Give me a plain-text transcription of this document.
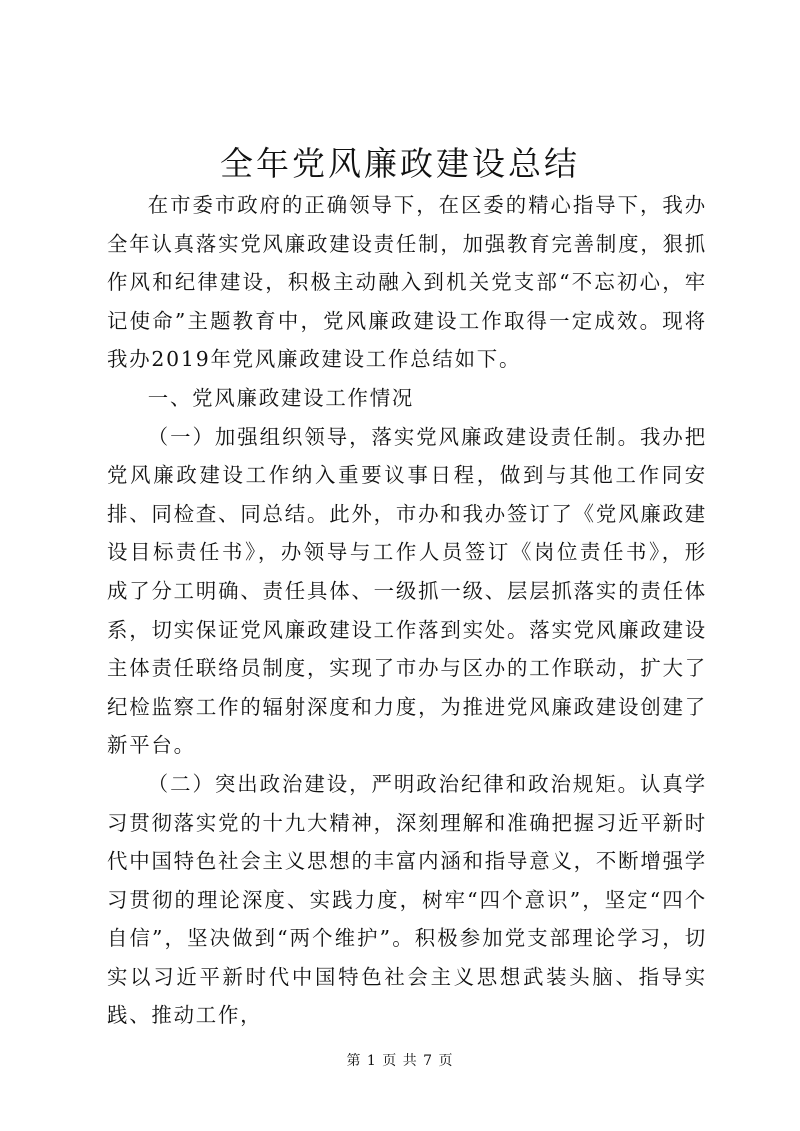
全年党风廉政建设总结

在市委市政府的正确领导下，在区委的精心指导下，我办全年认真落实党风廉政建设责任制，加强教育完善制度，狠抓作风和纪律建设，积极主动融入到机关党支部“不忘初心，牢记使命”主题教育中，党风廉政建设工作取得一定成效。现将我办2019年党风廉政建设工作总结如下。

一、党风廉政建设工作情况

（一）加强组织领导，落实党风廉政建设责任制。我办把党风廉政建设工作纳入重要议事日程，做到与其他工作同安排、同检查、同总结。此外，市办和我办签订了《党风廉政建设目标责任书》，办领导与工作人员签订《岗位责任书》，形成了分工明确、责任具体、一级抓一级、层层抓落实的责任体系，切实保证党风廉政建设工作落到实处。落实党风廉政建设主体责任联络员制度，实现了市办与区办的工作联动，扩大了纪检监察工作的辐射深度和力度，为推进党风廉政建设创建了新平台。

（二）突出政治建设，严明政治纪律和政治规矩。认真学习贯彻落实党的十九大精神，深刻理解和准确把握习近平新时代中国特色社会主义思想的丰富内涵和指导意义，不断增强学习贯彻的理论深度、实践力度，树牢“四个意识”，坚定“四个自信”，坚决做到“两个维护”。积极参加党支部理论学习，切实以习近平新时代中国特色社会主义思想武装头脑、指导实践、推动工作，

第 1 页 共 7 页
